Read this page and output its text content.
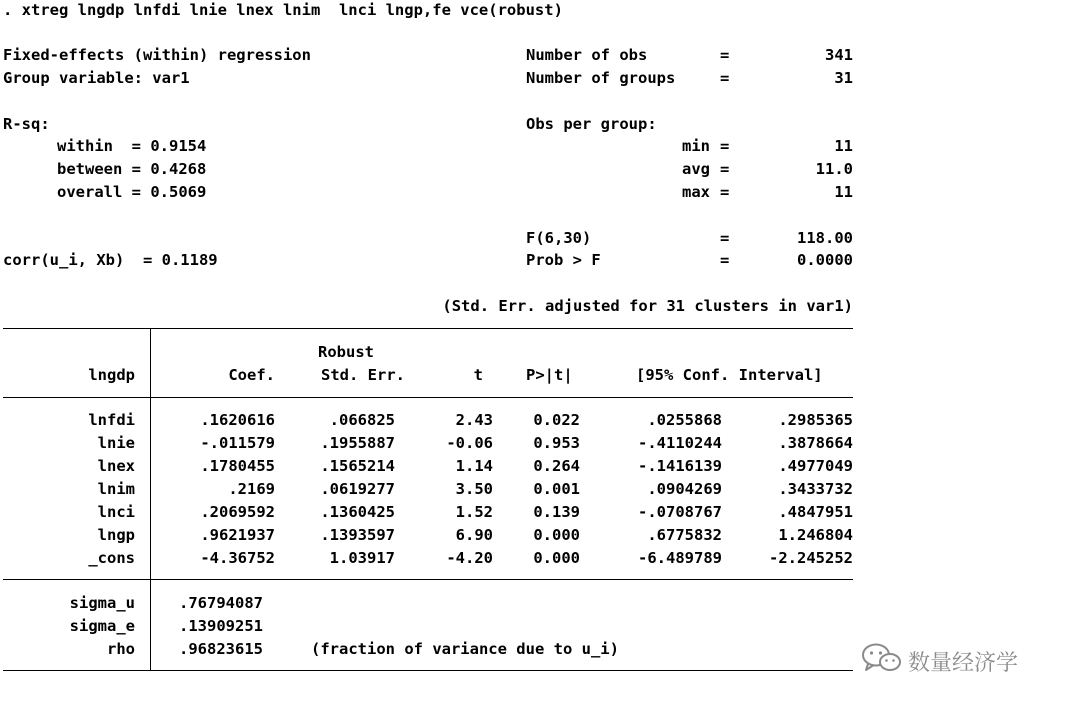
. xtreg lngdp lnfdi lnie lnex lnim  lnci lngp,fe vce(robust)
Fixed-effects (within) regression
Group variable: var1
R-sq:
within  = 0.9154
between = 0.4268
overall = 0.5069
corr(u_i, Xb)  = 0.1189
Number of obs	=	341
Number of groups	=	31
Obs per group:
min =	11
avg =	11.0
max =	11
F(6,30)	=	118.00
Prob > F	=	0.0000
(Std. Err. adjusted for 31 clusters in var1)
Robust
lngdp	Coef.	Std. Err.	t	P>|t|	[95% Conf. Interval]
lnfdi	.1620616	.066825	2.43	0.022	.0255868	.2985365
lnie	-.011579	.1955887	-0.06	0.953	-.4110244	.3878664
lnex	.1780455	.1565214	1.14	0.264	-.1416139	.4977049
lnim	.2169	.0619277	3.50	0.001	.0904269	.3433732
lnci	.2069592	.1360425	1.52	0.139	-.0708767	.4847951
lngp	.9621937	.1393597	6.90	0.000	.6775832	1.246804
_cons	-4.36752	1.03917	-4.20	0.000	-6.489789	-2.245252
sigma_u	.76794087
sigma_e	.13909251
rho	.96823615	(fraction of variance due to u_i)
数量经济学
